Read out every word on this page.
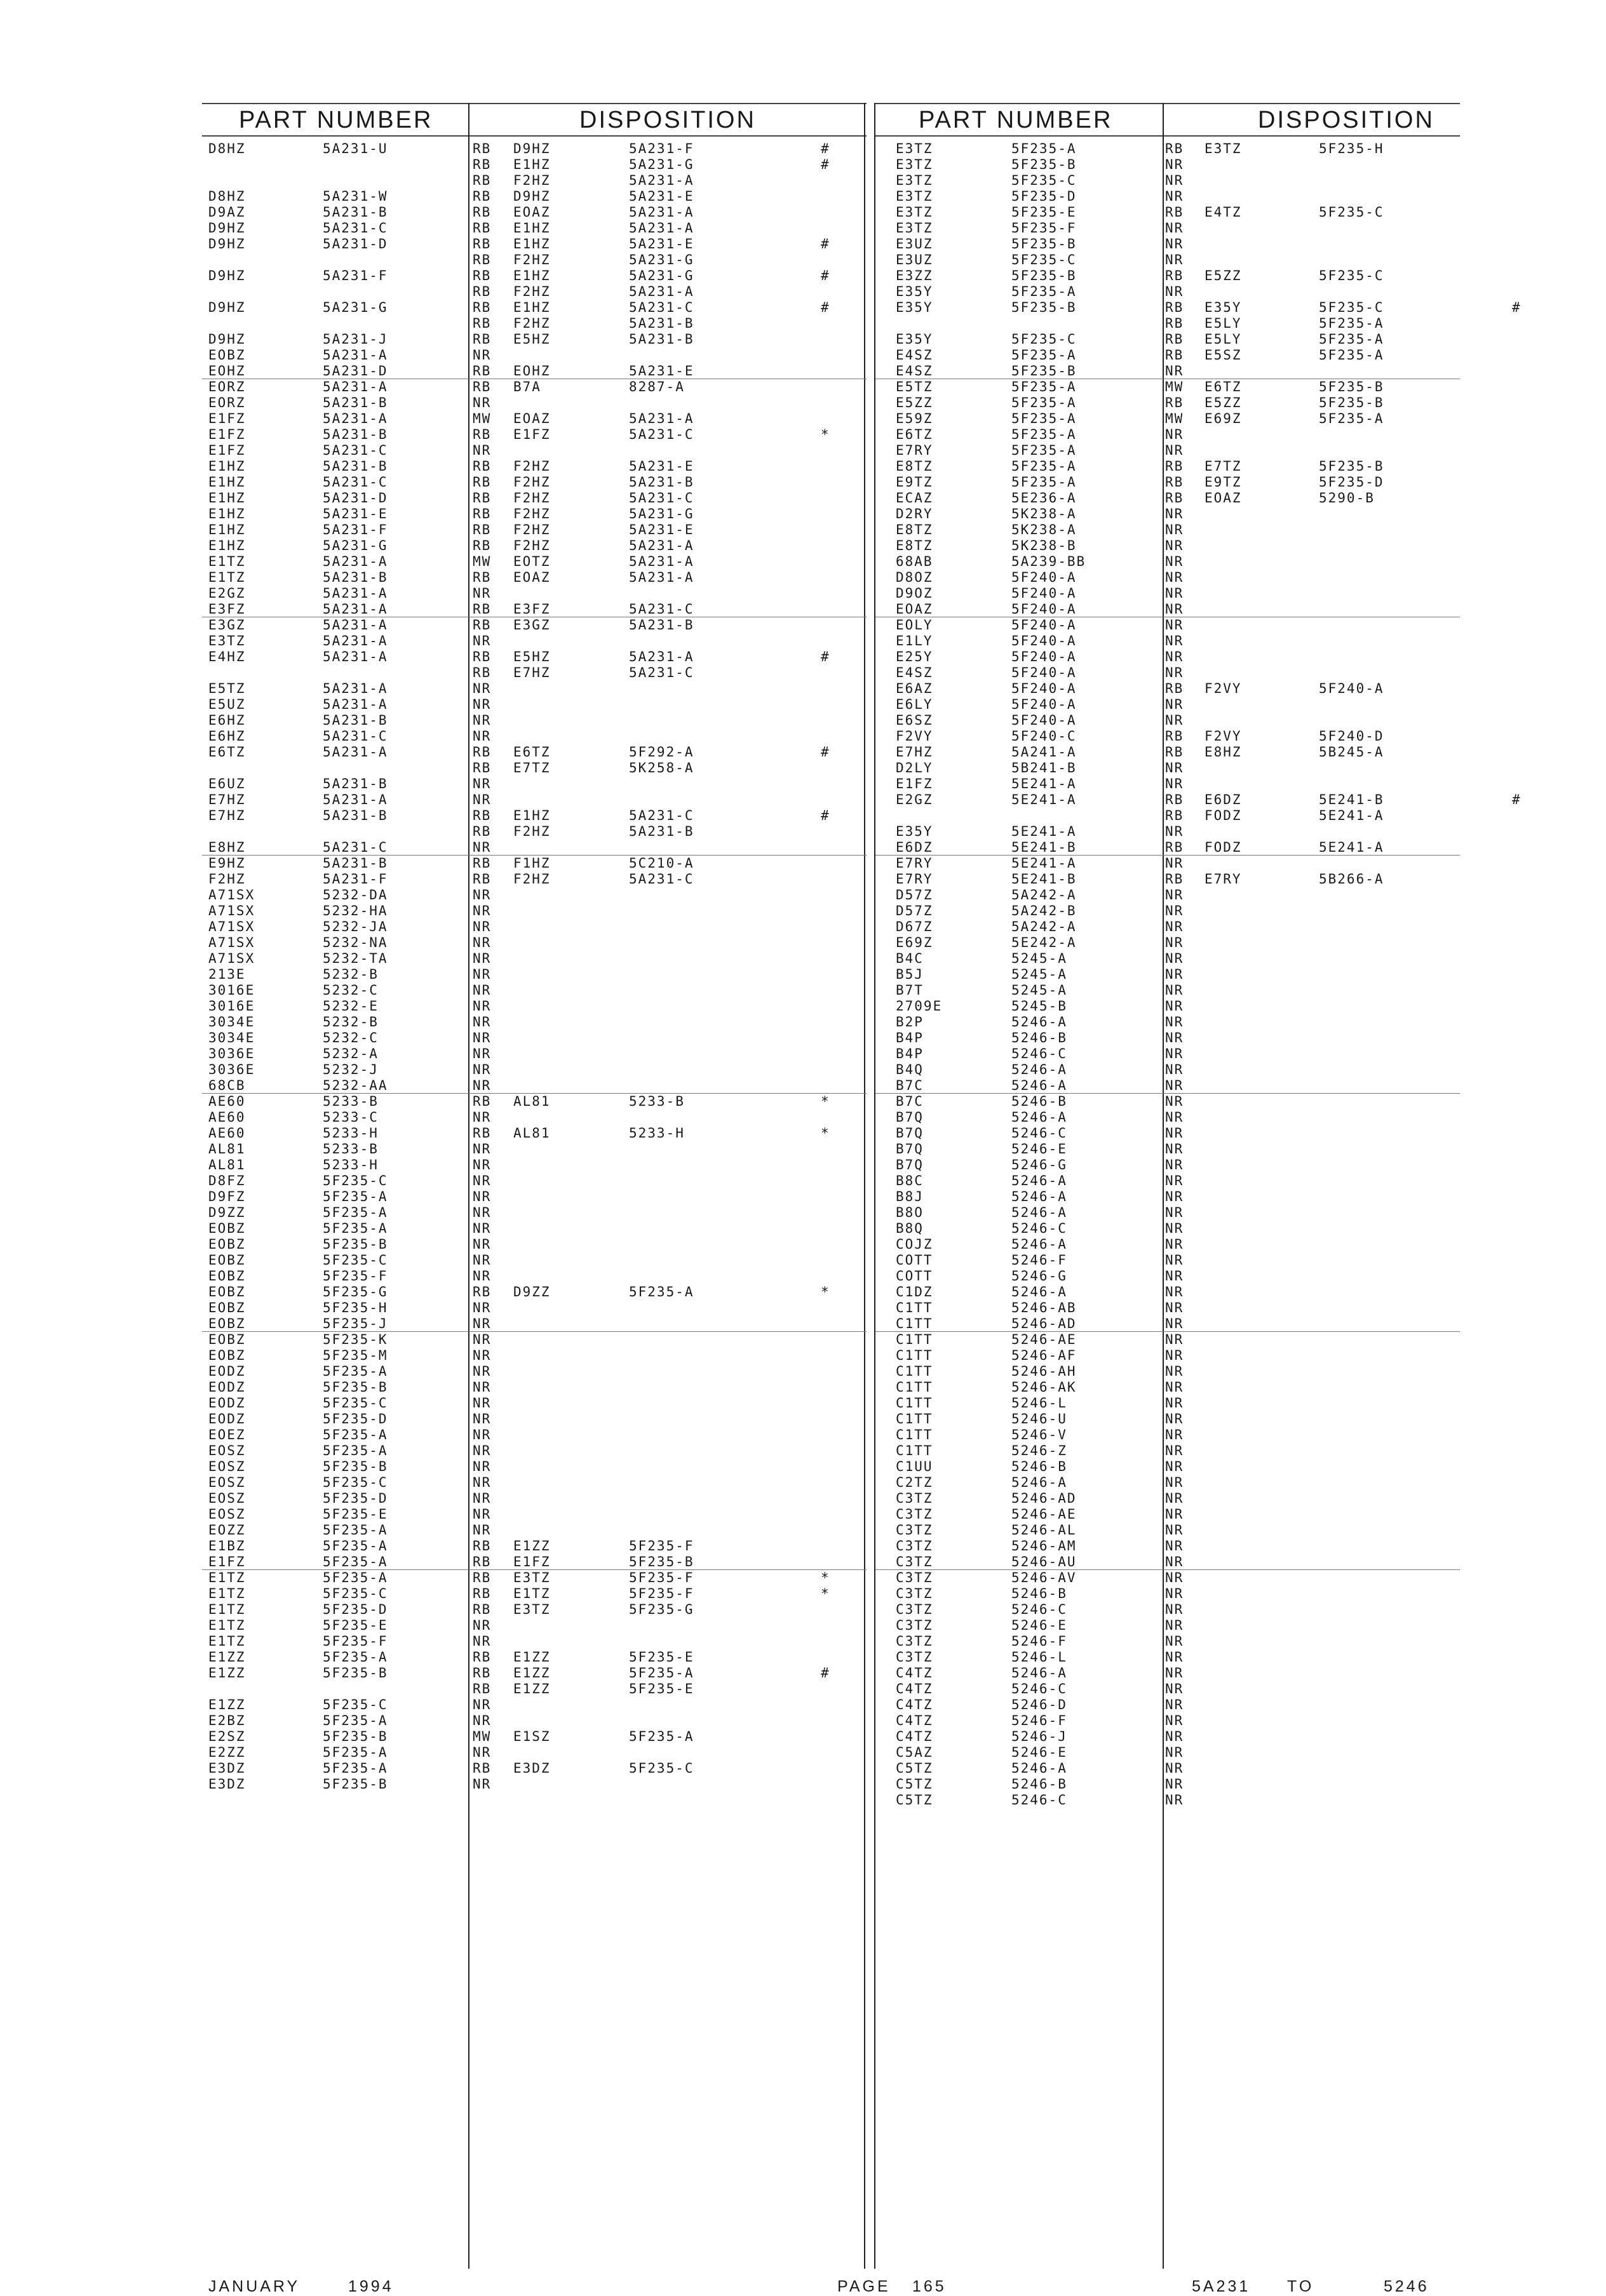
PART NUMBER	DISPOSITION	PART NUMBER	DISPOSITION
D8HZ	5A231-U	RB D9HZ	5A231-F	#
RB E1HZ	5A231-G	#
RB F2HZ	5A231-A
D8HZ	5A231-W	RB D9HZ	5A231-E
D9AZ	5A231-B	RB EOAZ	5A231-A
D9HZ	5A231-C	RB E1HZ	5A231-A
D9HZ	5A231-D	RB E1HZ	5A231-E	#
RB F2HZ	5A231-G
D9HZ	5A231-F	RB E1HZ	5A231-G	#
RB F2HZ	5A231-A
D9HZ	5A231-G	RB E1HZ	5A231-C	#
RB F2HZ	5A231-B
D9HZ	5A231-J	RB E5HZ	5A231-B
EOBZ	5A231-A	NR
EOHZ	5A231-D	RB EOHZ	5A231-E
EORZ	5A231-A	RB B7A	8287-A
EORZ	5A231-B	NR
E1FZ	5A231-A	MW EOAZ	5A231-A
E1FZ	5A231-B	RB E1FZ	5A231-C	*
E1FZ	5A231-C	NR
E1HZ	5A231-B	RB F2HZ	5A231-E
E1HZ	5A231-C	RB F2HZ	5A231-B
E1HZ	5A231-D	RB F2HZ	5A231-C
E1HZ	5A231-E	RB F2HZ	5A231-G
E1HZ	5A231-F	RB F2HZ	5A231-E
E1HZ	5A231-G	RB F2HZ	5A231-A
E1TZ	5A231-A	MW EOTZ	5A231-A
E1TZ	5A231-B	RB EOAZ	5A231-A
E2GZ	5A231-A	NR
E3FZ	5A231-A	RB E3FZ	5A231-C
E3GZ	5A231-A	RB E3GZ	5A231-B
E3TZ	5A231-A	NR
E4HZ	5A231-A	RB E5HZ	5A231-A	#
RB E7HZ	5A231-C
E5TZ	5A231-A	NR
E5UZ	5A231-A	NR
E6HZ	5A231-B	NR
E6HZ	5A231-C	NR
E6TZ	5A231-A	RB E6TZ	5F292-A	#
RB E7TZ	5K258-A
E6UZ	5A231-B	NR
E7HZ	5A231-A	NR
E7HZ	5A231-B	RB E1HZ	5A231-C	#
RB F2HZ	5A231-B
E8HZ	5A231-C	NR
E9HZ	5A231-B	RB F1HZ	5C210-A
F2HZ	5A231-F	RB F2HZ	5A231-C
A71SX	5232-DA	NR
A71SX	5232-HA	NR
A71SX	5232-JA	NR
A71SX	5232-NA	NR
A71SX	5232-TA	NR
213E	5232-B	NR
3016E	5232-C	NR
3016E	5232-E	NR
3034E	5232-B	NR
3034E	5232-C	NR
3036E	5232-A	NR
3036E	5232-J	NR
68CB	5232-AA	NR
AE60	5233-B	RB AL81	5233-B	*
AE60	5233-C	NR
AE60	5233-H	RB AL81	5233-H	*
AL81	5233-B	NR
AL81	5233-H	NR
D8FZ	5F235-C	NR
D9FZ	5F235-A	NR
D9ZZ	5F235-A	NR
EOBZ	5F235-A	NR
EOBZ	5F235-B	NR
EOBZ	5F235-C	NR
EOBZ	5F235-F	NR
EOBZ	5F235-G	RB D9ZZ	5F235-A	*
EOBZ	5F235-H	NR
EOBZ	5F235-J	NR
EOBZ	5F235-K	NR
EOBZ	5F235-M	NR
EODZ	5F235-A	NR
EODZ	5F235-B	NR
EODZ	5F235-C	NR
EODZ	5F235-D	NR
EOEZ	5F235-A	NR
EOSZ	5F235-A	NR
EOSZ	5F235-B	NR
EOSZ	5F235-C	NR
EOSZ	5F235-D	NR
EOSZ	5F235-E	NR
EOZZ	5F235-A	NR
E1BZ	5F235-A	RB E1ZZ	5F235-F
E1FZ	5F235-A	RB E1FZ	5F235-B
E1TZ	5F235-A	RB E3TZ	5F235-F	*
E1TZ	5F235-C	RB E1TZ	5F235-F	*
E1TZ	5F235-D	RB E3TZ	5F235-G
E1TZ	5F235-E	NR
E1TZ	5F235-F	NR
E1ZZ	5F235-A	RB E1ZZ	5F235-E
E1ZZ	5F235-B	RB E1ZZ	5F235-A	#
RB E1ZZ	5F235-E
E1ZZ	5F235-C	NR
E2BZ	5F235-A	NR
E2SZ	5F235-B	MW E1SZ	5F235-A
E2ZZ	5F235-A	NR
E3DZ	5F235-A	RB E3DZ	5F235-C
E3DZ	5F235-B	NR
E3TZ	5F235-A	RB E3TZ	5F235-H
E3TZ	5F235-B	NR
E3TZ	5F235-C	NR
E3TZ	5F235-D	NR
E3TZ	5F235-E	RB E4TZ	5F235-C
E3TZ	5F235-F	NR
E3UZ	5F235-B	NR
E3UZ	5F235-C	NR
E3ZZ	5F235-B	RB E5ZZ	5F235-C
E35Y	5F235-A	NR
E35Y	5F235-B	RB E35Y	5F235-C	#
RB E5LY	5F235-A
E35Y	5F235-C	RB E5LY	5F235-A
E4SZ	5F235-A	RB E5SZ	5F235-A
E4SZ	5F235-B	NR
E5TZ	5F235-A	MW E6TZ	5F235-B
E5ZZ	5F235-A	RB E5ZZ	5F235-B
E59Z	5F235-A	MW E69Z	5F235-A
E6TZ	5F235-A	NR
E7RY	5F235-A	NR
E8TZ	5F235-A	RB E7TZ	5F235-B
E9TZ	5F235-A	RB E9TZ	5F235-D
ECAZ	5E236-A	RB EOAZ	5290-B
D2RY	5K238-A	NR
E8TZ	5K238-A	NR
E8TZ	5K238-B	NR
68AB	5A239-BB	NR
D8OZ	5F240-A	NR
D9OZ	5F240-A	NR
EOAZ	5F240-A	NR
EOLY	5F240-A	NR
E1LY	5F240-A	NR
E25Y	5F240-A	NR
E4SZ	5F240-A	NR
E6AZ	5F240-A	RB F2VY	5F240-A
E6LY	5F240-A	NR
E6SZ	5F240-A	NR
F2VY	5F240-C	RB F2VY	5F240-D
E7HZ	5A241-A	RB E8HZ	5B245-A
D2LY	5B241-B	NR
E1FZ	5E241-A	NR
E2GZ	5E241-A	RB E6DZ	5E241-B	#
RB FODZ	5E241-A
E35Y	5E241-A	NR
E6DZ	5E241-B	RB FODZ	5E241-A
E7RY	5E241-A	NR
E7RY	5E241-B	RB E7RY	5B266-A
D57Z	5A242-A	NR
D57Z	5A242-B	NR
D67Z	5A242-A	NR
E69Z	5E242-A	NR
B4C	5245-A	NR
B5J	5245-A	NR
B7T	5245-A	NR
2709E	5245-B	NR
B2P	5246-A	NR
B4P	5246-B	NR
B4P	5246-C	NR
B4Q	5246-A	NR
B7C	5246-A	NR
B7C	5246-B	NR
B7Q	5246-A	NR
B7Q	5246-C	NR
B7Q	5246-E	NR
B7Q	5246-G	NR
B8C	5246-A	NR
B8J	5246-A	NR
B8O	5246-A	NR
B8Q	5246-C	NR
COJZ	5246-A	NR
COTT	5246-F	NR
COTT	5246-G	NR
C1DZ	5246-A	NR
C1TT	5246-AB	NR
C1TT	5246-AD	NR
C1TT	5246-AE	NR
C1TT	5246-AF	NR
C1TT	5246-AH	NR
C1TT	5246-AK	NR
C1TT	5246-L	NR
C1TT	5246-U	NR
C1TT	5246-V	NR
C1TT	5246-Z	NR
C1UU	5246-B	NR
C2TZ	5246-A	NR
C3TZ	5246-AD	NR
C3TZ	5246-AE	NR
C3TZ	5246-AL	NR
C3TZ	5246-AM	NR
C3TZ	5246-AU	NR
C3TZ	5246-AV	NR
C3TZ	5246-B	NR
C3TZ	5246-C	NR
C3TZ	5246-E	NR
C3TZ	5246-F	NR
C3TZ	5246-L	NR
C4TZ	5246-A	NR
C4TZ	5246-C	NR
C4TZ	5246-D	NR
C4TZ	5246-F	NR
C4TZ	5246-J	NR
C5AZ	5246-E	NR
C5TZ	5246-A	NR
C5TZ	5246-B	NR
C5TZ	5246-C	NR
JANUARY	1994	PAGE 165	5A231 TO	5246
